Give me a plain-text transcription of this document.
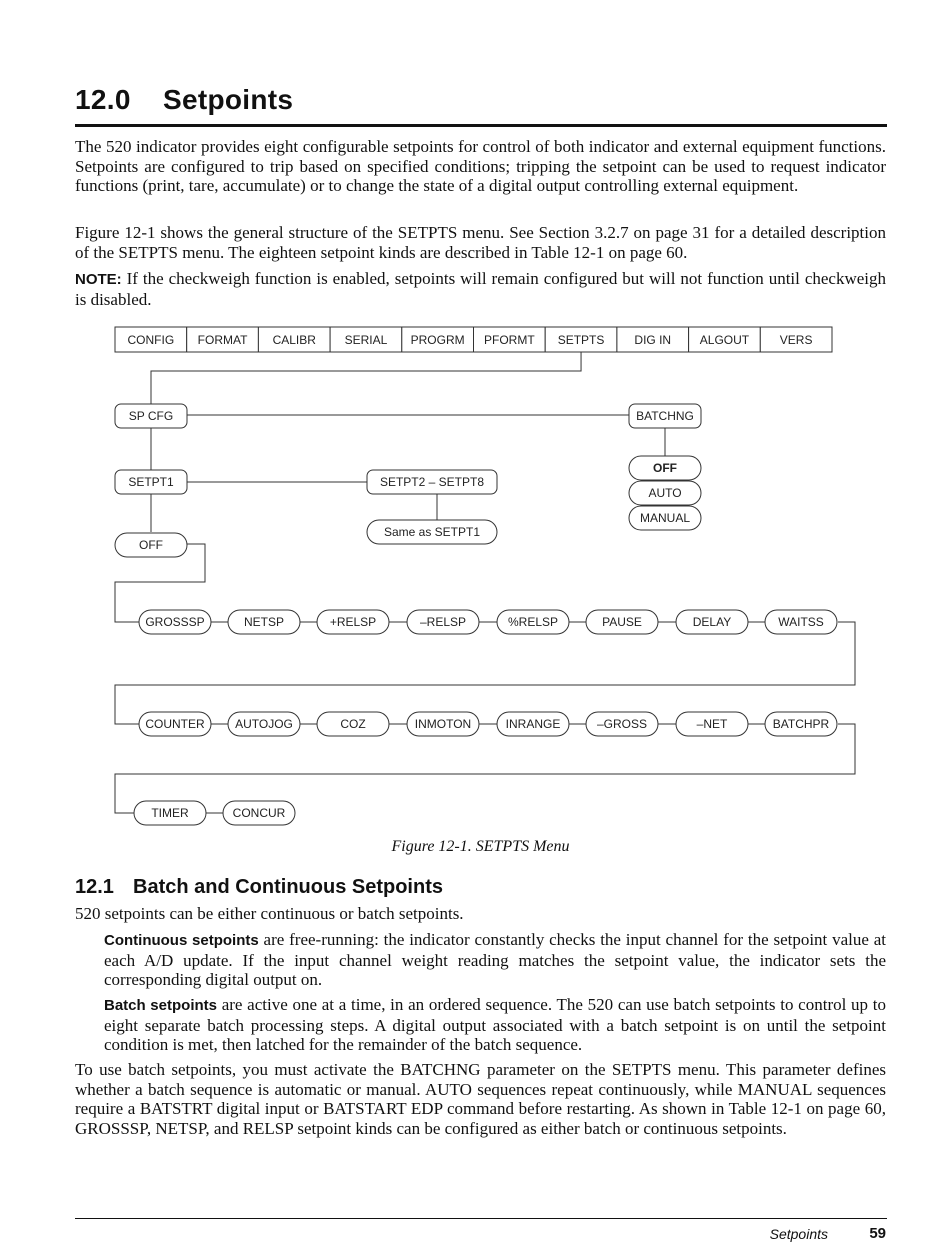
12.0 Setpoints

The 520 indicator provides eight configurable setpoints for control of both indicator and external equipment functions. Setpoints are configured to trip based on specified conditions; tripping the setpoint can be used to request indicator functions (print, tare, accumulate) or to change the state of a digital output controlling external equipment.

Figure 12-1 shows the general structure of the SETPTS menu. See Section 3.2.7 on page 31 for a detailed description of the SETPTS menu. The eighteen setpoint kinds are described in Table 12-1 on page 60.

NOTE: If the checkweigh function is enabled, setpoints will remain configured but will not function until checkweigh is disabled.

CONFIG FORMAT CALIBR SERIAL PROGRM PFORMT SETPTS	DIG IN ALGOUT	VERS
SP CFG	BATCHNG
OFF
AUTO
MANUAL
SETPT1	SETPT2 – SETPT8
Same as SETPT1
OFF
GROSSSP	NETSP	+RELSP	–RELSP	%RELSP	PAUSE	DELAY	WAITSS
COUNTER	AUTOJOG	COZ	INMOTON	INRANGE	–GROSS	–NET	BATCHPR
TIMER	CONCUR
Figure 12-1. SETPTS Menu
12.1 Batch and Continuous Setpoints

520 setpoints can be either continuous or batch setpoints.

Continuous setpoints are free-running: the indicator constantly checks the input channel for the setpoint value at each A/D update. If the input channel weight reading matches the setpoint value, the indicator sets the corresponding digital output on.

Batch setpoints are active one at a time, in an ordered sequence. The 520 can use batch setpoints to control up to eight separate batch processing steps. A digital output associated with a batch setpoint is on until the setpoint condition is met, then latched for the remainder of the batch sequence.

To use batch setpoints, you must activate the BATCHNG parameter on the SETPTS menu. This parameter defines whether a batch sequence is automatic or manual. AUTO sequences repeat continuously, while MANUAL sequences require a BATSTRT digital input or BATSTART EDP command before restarting. As shown in Table 12-1 on page 60, GROSSSP, NETSP, and RELSP setpoint kinds can be configured as either batch or continuous setpoints.

Setpoints	59
